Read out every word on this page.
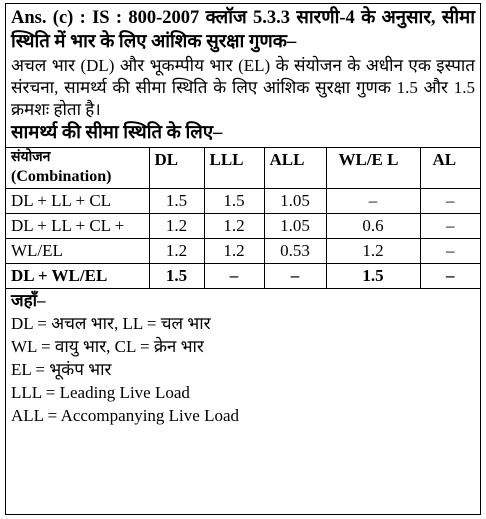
Ans. (c) : IS : 800-2007 क्लॉज 5.3.3 सारणी-4 के अनुसार, सीमा स्थिति में भार के लिए आंशिक सुरक्षा गुणक–
अचल भार (DL) और भूकम्पीय भार (EL) के संयोजन के अधीन एक इस्पात संरचना, सामर्थ्य की सीमा स्थिति के लिए आंशिक सुरक्षा गुणक 1.5 और 1.5 क्रमशः होता है।
सामर्थ्य की सीमा स्थिति के लिए–
संयोजन
(Combination)	DL	LLL	ALL	WL/E L	AL
DL + LL + CL	1.5	1.5	1.05	–	–
DL + LL + CL +	1.2	1.2	1.05	0.6	–
WL/EL	1.2	1.2	0.53	1.2	–
DL + WL/EL	1.5	–	–	1.5	–
जहाँ–
DL = अचल भार, LL = चल भार
WL = वायु भार, CL = क्रेन भार
EL = भूकंप भार
LLL = Leading Live Load
ALL = Accompanying Live Load
